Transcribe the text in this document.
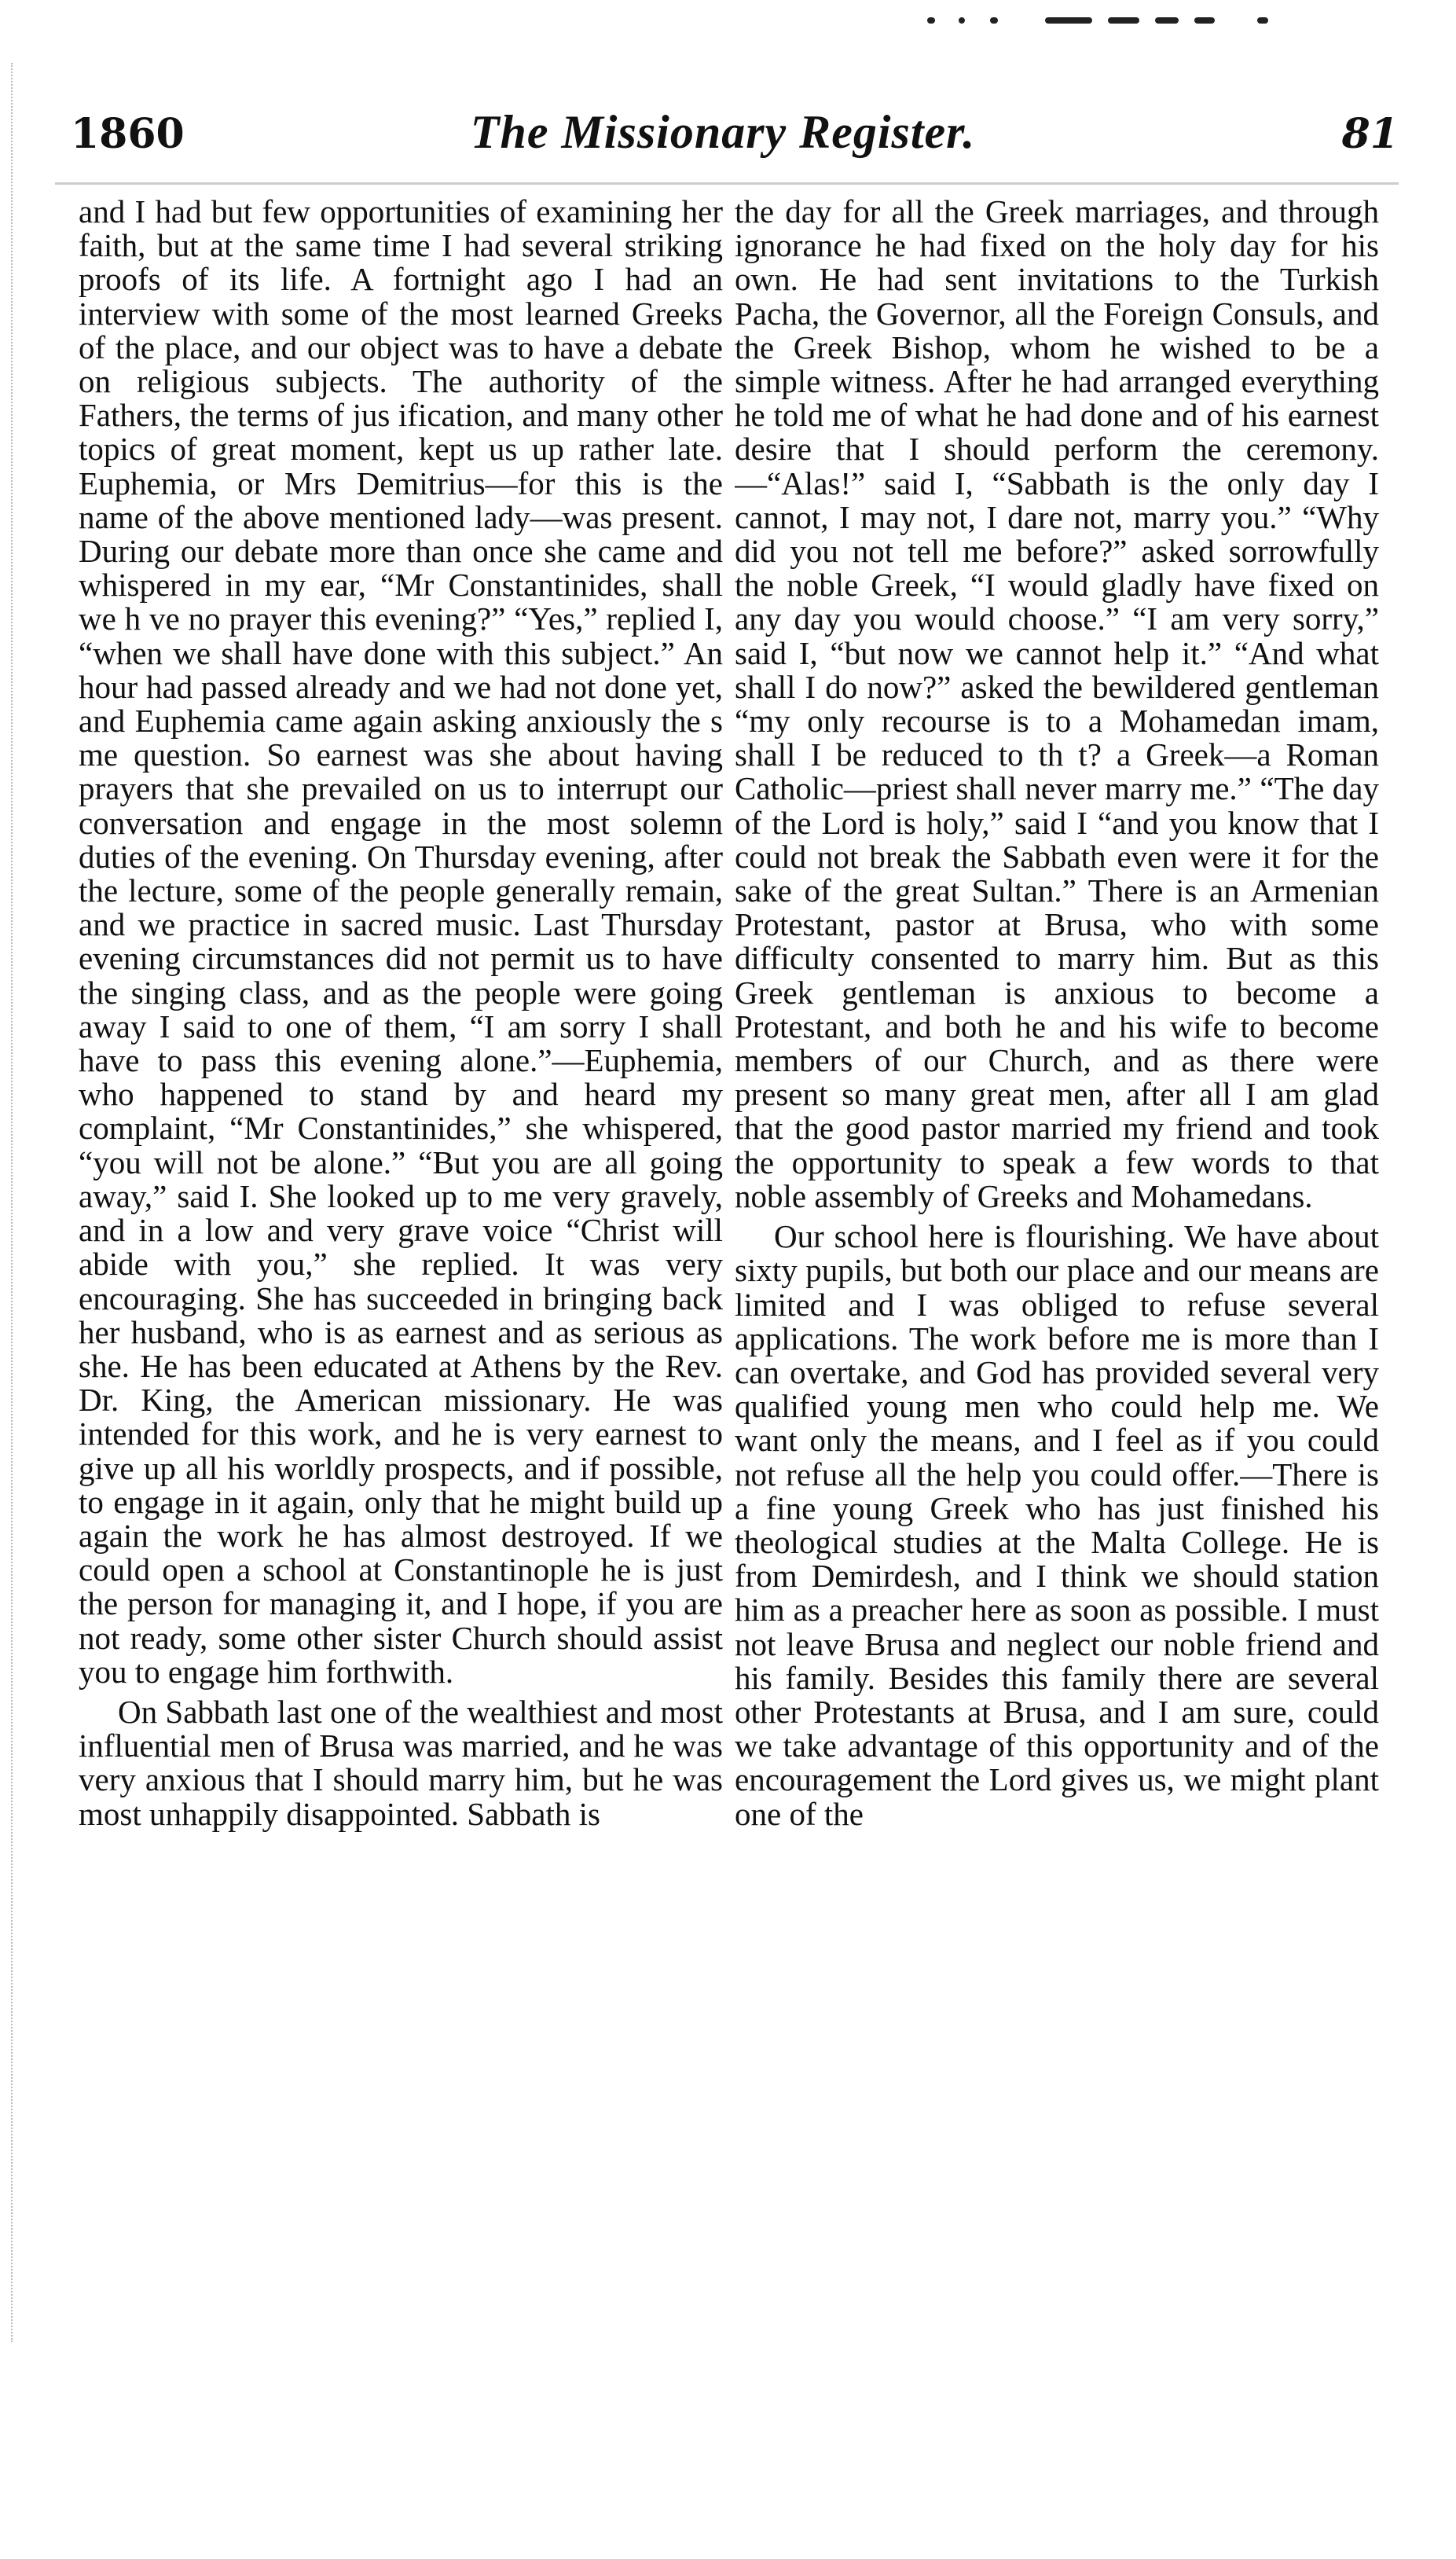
1860	The Missionary Register.	81

and I had but few opportunities of examining her faith, but at the same time I had several striking proofs of its life. A fortnight ago I had an interview with some of the most learned Greeks of the place, and our object was to have a debate on religious subjects. The authority of the Fathers, the terms of jus ification, and many other topics of great moment, kept us up rather late. Euphemia, or Mrs Demitrius—for this is the name of the above mentioned lady—was present. During our debate more than once she came and whispered in my ear, “Mr Constantinides, shall we h ve no prayer this evening?” “Yes,” replied I, “when we shall have done with this subject.” An hour had passed already and we had not done yet, and Euphemia came again asking anxiously the s me question. So earnest was she about having prayers that she prevailed on us to interrupt our conversation and engage in the most solemn duties of the evening. On Thursday evening, after the lecture, some of the people generally remain, and we practice in sacred music. Last Thursday evening circumstances did not permit us to have the singing class, and as the people were going away I said to one of them, “I am sorry I shall have to pass this evening alone.”—Euphemia, who happened to stand by and heard my complaint, “Mr Constantinides,” she whispered, “you will not be alone.” “But you are all going away,” said I. She looked up to me very gravely, and in a low and very grave voice “Christ will abide with you,” she replied. It was very encouraging. She has succeeded in bringing back her husband, who is as earnest and as serious as she. He has been educated at Athens by the Rev. Dr. King, the American missionary. He was intended for this work, and he is very earnest to give up all his worldly prospects, and if possible, to engage in it again, only that he might build up again the work he has almost destroyed. If we could open a school at Constantinople he is just the person for managing it, and I hope, if you are not ready, some other sister Church should assist you to engage him forthwith.

On Sabbath last one of the wealthiest and most influential men of Brusa was married, and he was very anxious that I should marry him, but he was most unhappily disappointed. Sabbath is

the day for all the Greek marriages, and through ignorance he had fixed on the holy day for his own. He had sent invitations to the Turkish Pacha, the Governor, all the Foreign Consuls, and the Greek Bishop, whom he wished to be a simple witness. After he had arranged everything he told me of what he had done and of his earnest desire that I should perform the ceremony.—“Alas!” said I, “Sabbath is the only day I cannot, I may not, I dare not, marry you.” “Why did you not tell me before?” asked sorrowfully the noble Greek, “I would gladly have fixed on any day you would choose.” “I am very sorry,” said I, “but now we cannot help it.” “And what shall I do now?” asked the bewildered gentleman “my only recourse is to a Mohamedan imam, shall I be reduced to th t? a Greek—a Roman Catholic—priest shall never marry me.” “The day of the Lord is holy,” said I “and you know that I could not break the Sabbath even were it for the sake of the great Sultan.” There is an Armenian Protestant, pastor at Brusa, who with some difficulty consented to marry him. But as this Greek gentleman is anxious to become a Protestant, and both he and his wife to become members of our Church, and as there were present so many great men, after all I am glad that the good pastor married my friend and took the opportunity to speak a few words to that noble assembly of Greeks and Mohamedans.

Our school here is flourishing. We have about sixty pupils, but both our place and our means are limited and I was obliged to refuse several applications. The work before me is more than I can overtake, and God has provided several very qualified young men who could help me. We want only the means, and I feel as if you could not refuse all the help you could offer.—There is a fine young Greek who has just finished his theological studies at the Malta College. He is from Demirdesh, and I think we should station him as a preacher here as soon as possible. I must not leave Brusa and neglect our noble friend and his family. Besides this family there are several other Protestants at Brusa, and I am sure, could we take advantage of this opportunity and of the encouragement the Lord gives us, we might plant one of the
